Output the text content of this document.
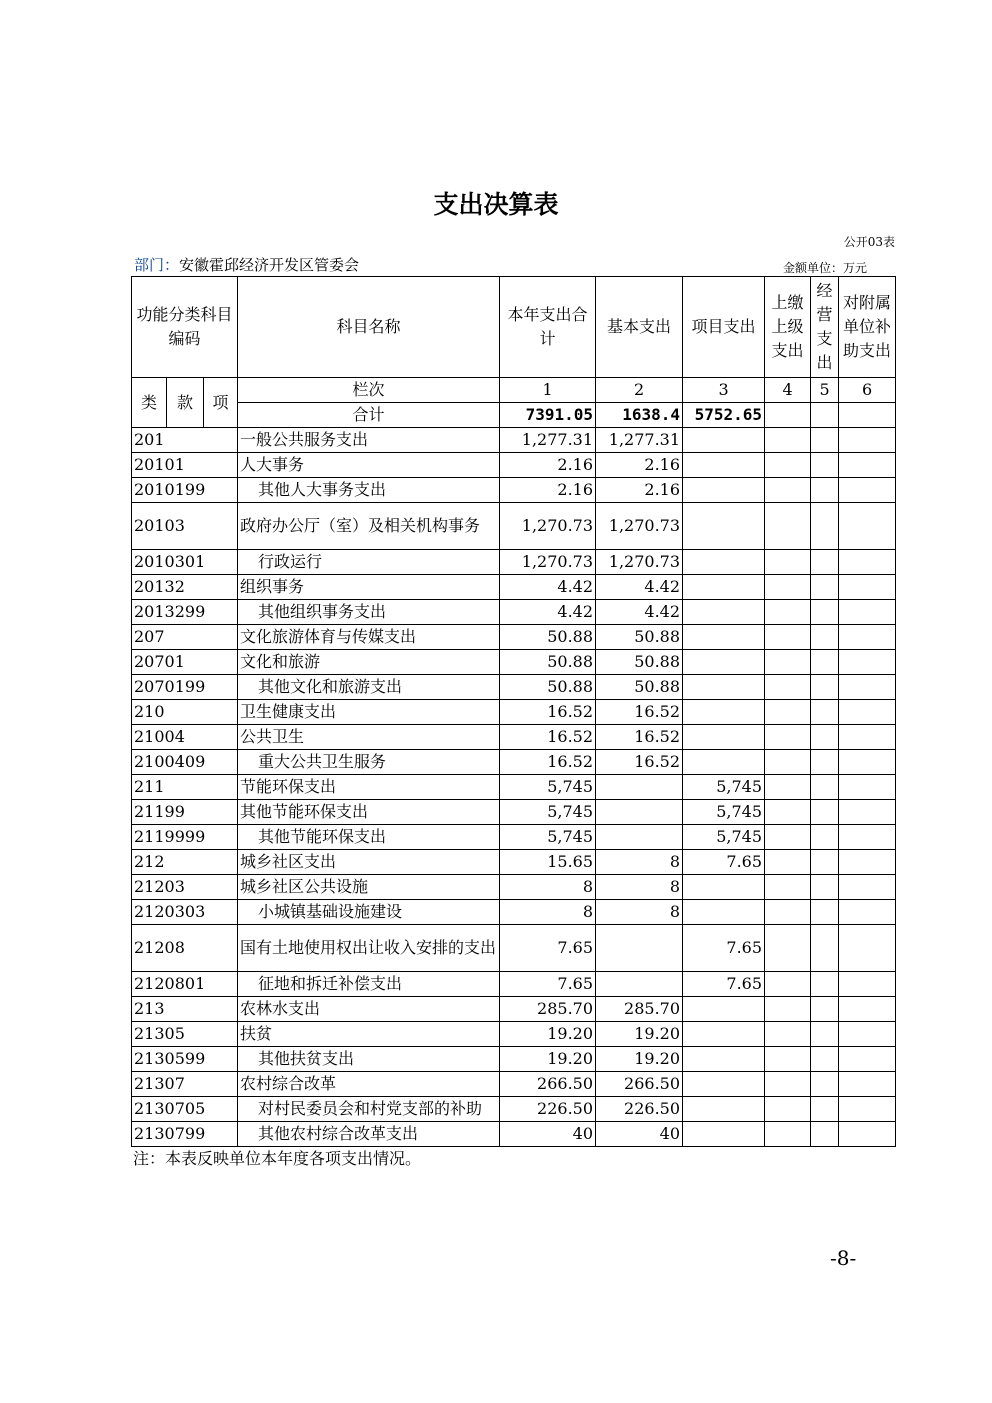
支出决算表
公开03表
部门：安徽霍邱经济开发区管委会	金额单位：万元
功能分类科目编码			科目名称	本年支出合计	基本支出	项目支出	上缴上级支出	经营支出	对附属单位补助支出
类	款	项	栏次	1	2	3	4	5	6
			合计	7391.05	1638.4	5752.65			
201			一般公共服务支出	1,277.31	1,277.31				
20101			人大事务	2.16	2.16				
2010199			其他人大事务支出	2.16	2.16				
20103			政府办公厅（室）及相关机构事务	1,270.73	1,270.73				
2010301			行政运行	1,270.73	1,270.73				
20132			组织事务	4.42	4.42				
2013299			其他组织事务支出	4.42	4.42				
207			文化旅游体育与传媒支出	50.88	50.88				
20701			文化和旅游	50.88	50.88				
2070199			其他文化和旅游支出	50.88	50.88				
210			卫生健康支出	16.52	16.52				
21004			公共卫生	16.52	16.52				
2100409			重大公共卫生服务	16.52	16.52				
211			节能环保支出	5,745		5,745			
21199			其他节能环保支出	5,745		5,745			
2119999			其他节能环保支出	5,745		5,745			
212			城乡社区支出	15.65	8	7.65			
21203			城乡社区公共设施	8	8				
2120303			小城镇基础设施建设	8	8				
21208			国有土地使用权出让收入安排的支出	7.65		7.65			
2120801			征地和拆迁补偿支出	7.65		7.65			
213			农林水支出	285.70	285.70				
21305			扶贫	19.20	19.20				
2130599			其他扶贫支出	19.20	19.20				
21307			农村综合改革	266.50	266.50				
2130705			对村民委员会和村党支部的补助	226.50	226.50				
2130799			其他农村综合改革支出	40	40				
注：本表反映单位本年度各项支出情况。
-8-
